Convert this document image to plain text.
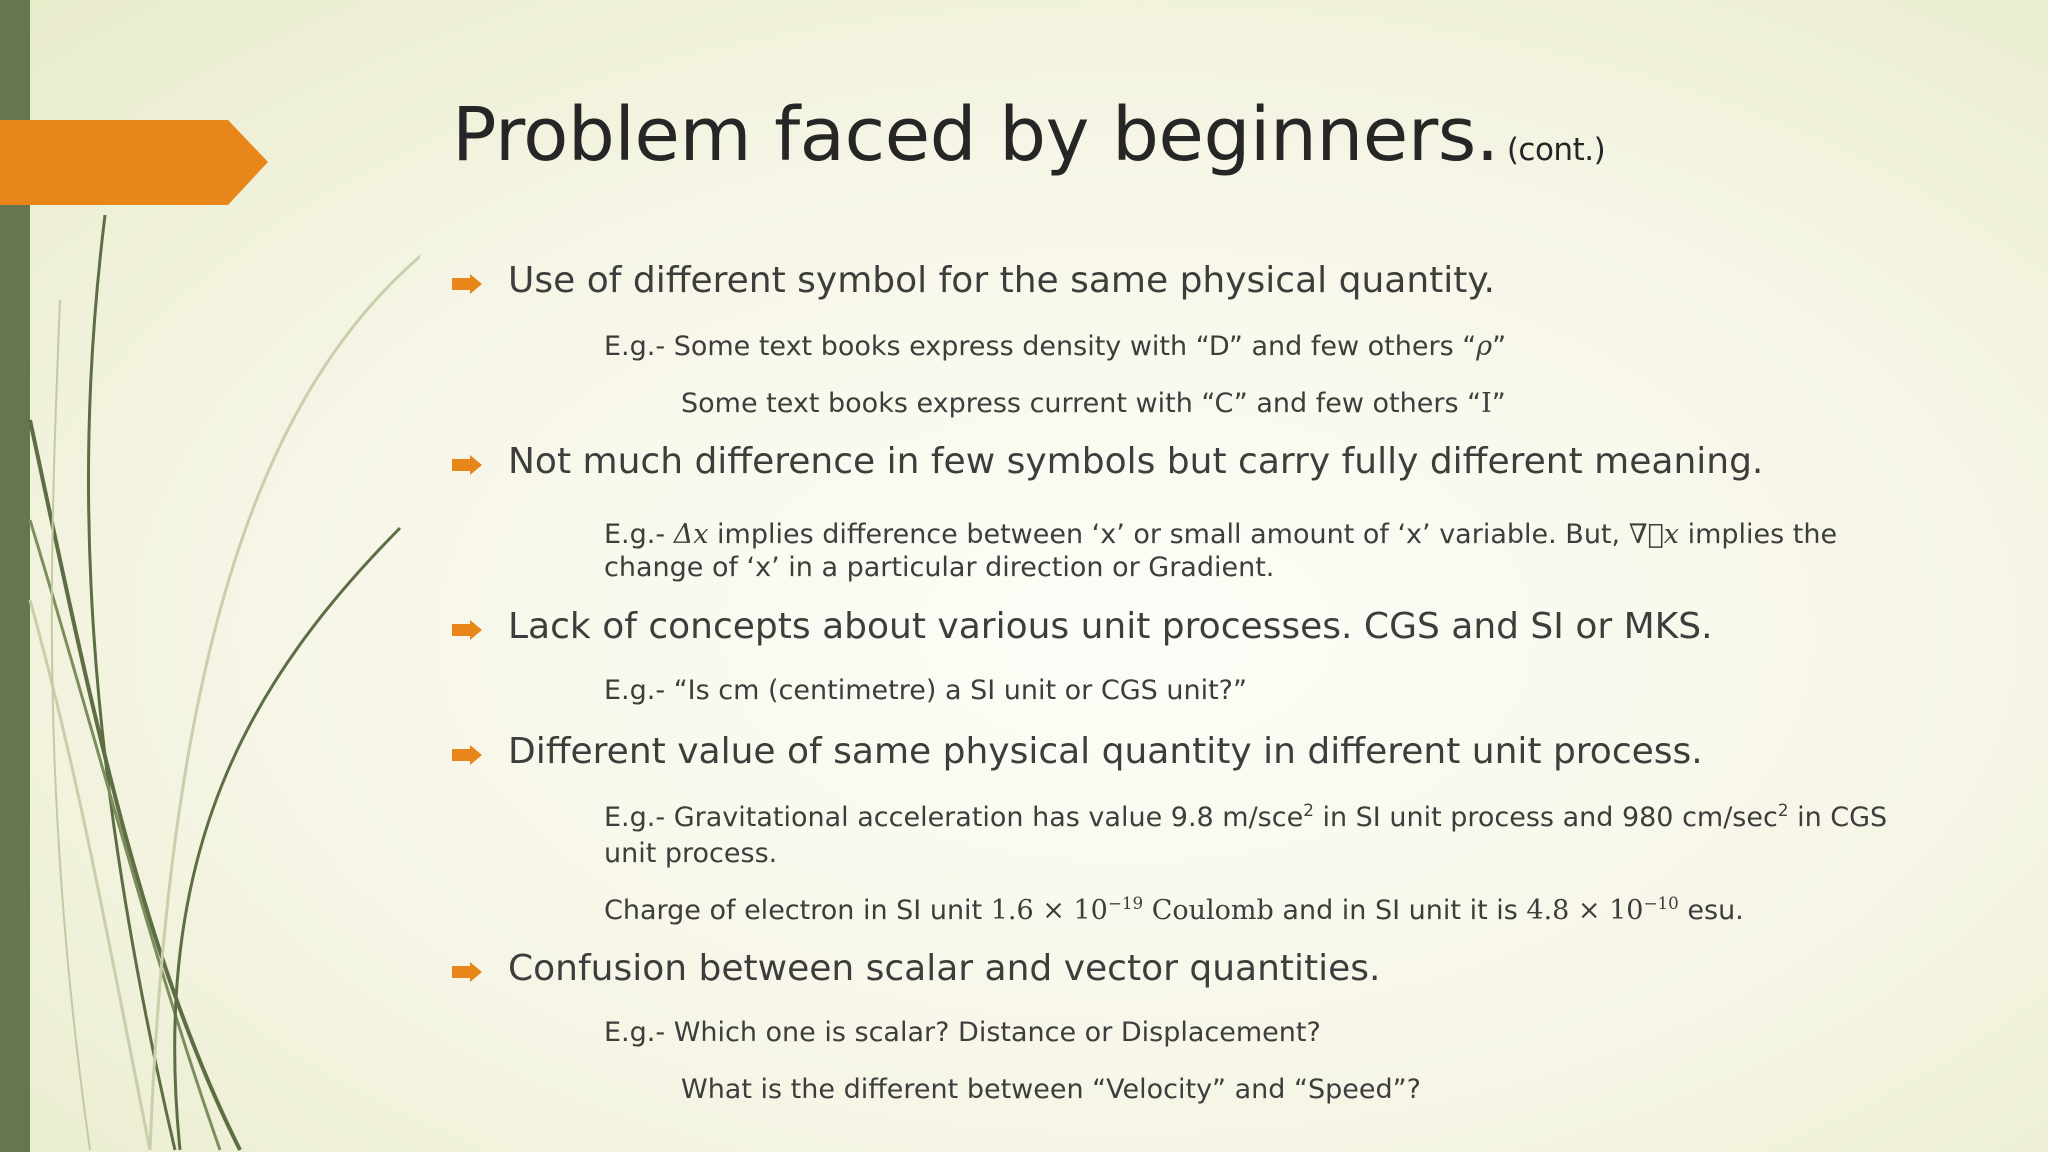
Problem faced by beginners. (cont.)
Use of different symbol for the same physical quantity.
E.g.- Some text books express density with “D” and few others “ρ”
Some text books express current with “C” and few others “I”
Not much difference in few symbols but carry fully different meaning.
E.g.- Δx implies difference between ‘x’ or small amount of ‘x’ variable. But, ∇⃗x implies the change of ‘x’ in a particular direction or Gradient.
Lack of concepts about various unit processes. CGS and SI or MKS.
E.g.- “Is cm (centimetre) a SI unit or CGS unit?”
Different value of same physical quantity in different unit process.
E.g.- Gravitational acceleration has value 9.8 m/sce$^2$ in SI unit process and 980 $cm/\sec^2$ in CGS unit process.
Charge of electron in SI unit $1.6 \times 10^{-19}$ Coulomb and in SI unit it is $4.8 \times 10^{-10}$ esu.
Confusion between scalar and vector quantities.
E.g.- Which one is scalar? Distance or Displacement?
What is the different between “Velocity” and “Speed”?
